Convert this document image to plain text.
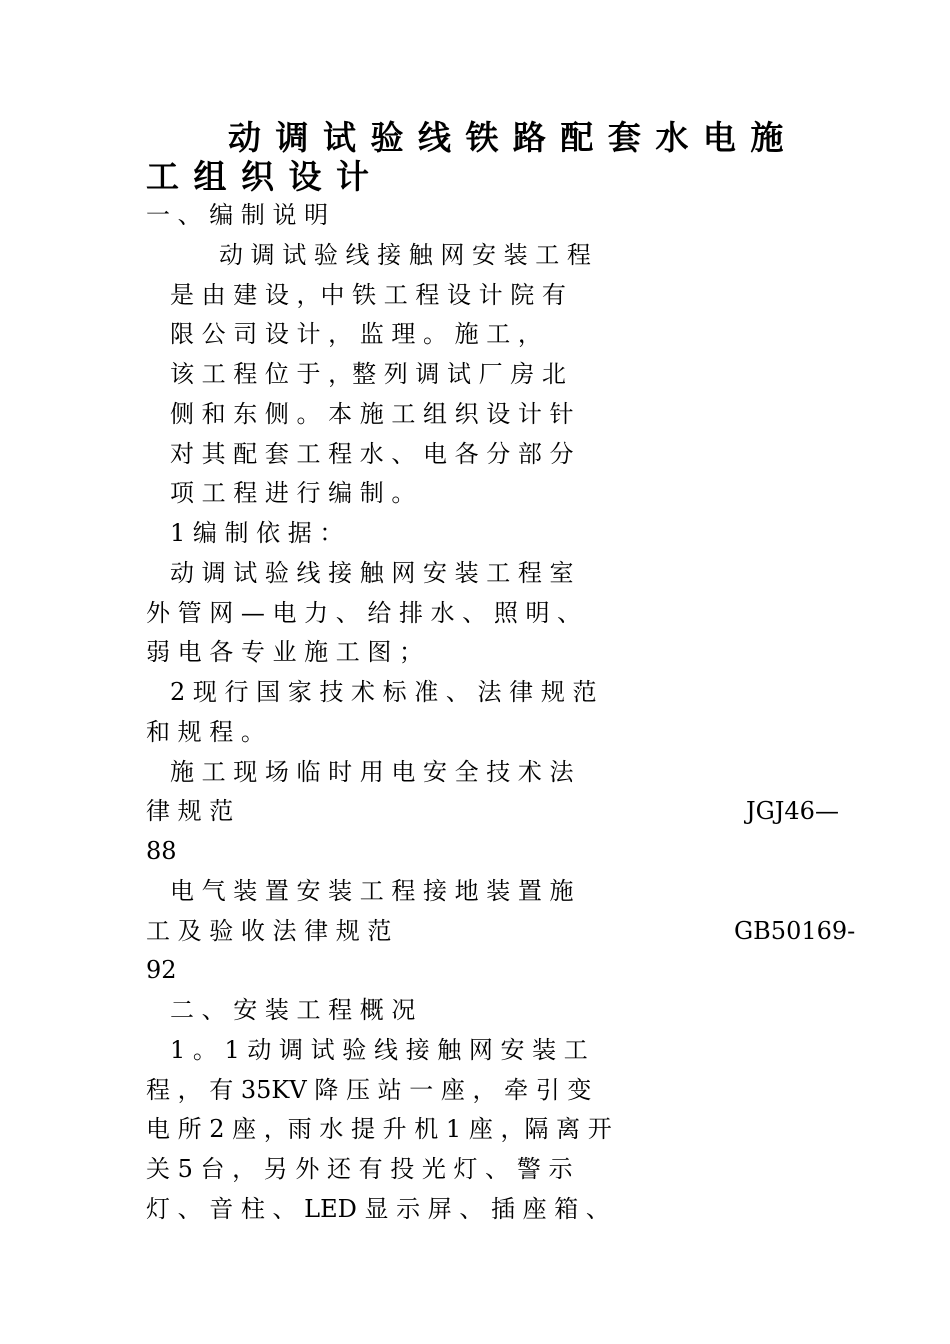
动 调 试 验 线 铁 路 配 套 水 电 施
工 组 织 设 计
一 、 编 制 说 明
动 调 试 验 线 接 触 网 安 装 工 程
是 由 建 设 ，中 铁 工 程 设 计 院 有
限 公 司 设 计 ， 监 理 。 施 工 ，
该 工 程 位 于 ，整 列 调 试 厂 房 北
侧 和 东 侧 。 本 施 工 组 织 设 计 针
对 其 配 套 工 程 水 、 电 各 分 部 分
项 工 程 进 行 编 制 。
1 编 制 依 据 ：
动 调 试 验 线 接 触 网 安 装 工 程 室
外 管 网 — 电 力 、 给 排 水 、 照 明 、
弱 电 各 专 业 施 工 图 ；
2 现 行 国 家 技 术 标 准 、 法 律 规 范
和 规 程 。
施 工 现 场 临 时 用 电 安 全 技 术 法
律 规 范	JGJ46—
88
电 气 装 置 安 装 工 程 接 地 装 置 施
工 及 验 收 法 律 规 范	GB50169-
92
二 、 安 装 工 程 概 况
1 。 1 动 调 试 验 线 接 触 网 安 装 工
程 ， 有 35KV 降 压 站 一 座 ， 牵 引 变
电 所 2 座 ，雨 水 提 升 机 1 座 ，隔 离 开
关 5 台 ， 另 外 还 有 投 光 灯 、 警 示
灯 、 音 柱 、 LED 显 示 屏 、 插 座 箱 、
